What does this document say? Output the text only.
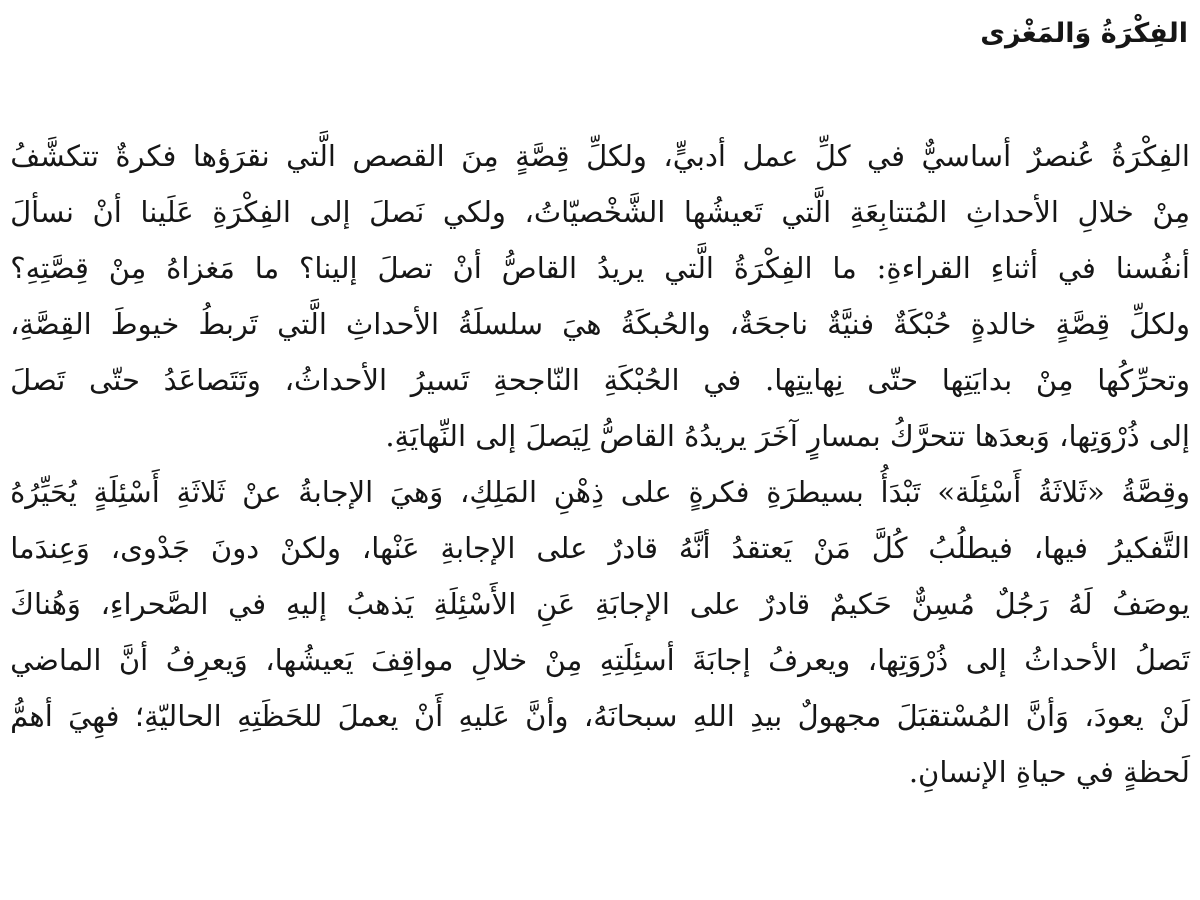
الفِكْرَةُ وَالمَغْزى
الفِكْرَةُ
عُنصرٌ
أساسيٌّ
في
كلِّ
عمل
أدبيٍّ،
ولكلِّ
قِصَّةٍ
مِنَ
القصص
الَّتي
نقرَؤها
فكرةٌ
تتكشَّفُ
مِنْ
خلالِ
الأحداثِ
المُتتابِعَةِ
الَّتي
تَعيشُها
الشَّخْصيّاتُ،
ولكي
نَصلَ
إلى
الفِكْرَةِ
عَلَينا
أنْ
نسألَ
أنفُسنا
في
أثناءِ
القراءةِ:
ما
الفِكْرَةُ
الَّتي
يريدُ
القاصُّ
أنْ
تصلَ
إلينا؟
ما
مَغزاهُ
مِنْ
قِصَّتِهِ؟
ولكلِّ
قِصَّةٍ
خالدةٍ
حُبْكَةٌ
فنيَّةٌ
ناجحَةٌ،
والحُبكَةُ
هيَ
سلسلَةُ
الأحداثِ
الَّتي
تَربطُ
خيوطَ
القِصَّةِ،
وتحرِّكُها
مِنْ
بدايَتِها
حتّى
نِهايتِها.
في
الحُبْكَةِ
النّاجحةِ
تَسيرُ
الأحداثُ،
وتَتَصاعَدُ
حتّى
تَصلَ
إلى ذُرْوَتِها، وَبعدَها تتحرَّكُ بمسارٍ آخَرَ يريدُهُ القاصُّ لِيَصلَ إلى النِّهايَةِ.
وقِصَّةُ
«ثَلاثَةُ
أَسْئِلَة»
تَبْدَأُ
بسيطرَةِ
فكرةٍ
على
ذِهْنِ
المَلِكِ،
وَهيَ
الإجابةُ
عنْ
ثَلاثَةِ
أَسْئِلَةٍ
يُحَيِّرُهُ
التَّفكيرُ
فيها،
فيطلُبُ
كُلَّ
مَنْ
يَعتقدُ
أنَّهُ
قادرٌ
على
الإجابةِ
عَنْها،
ولكنْ
دونَ
جَدْوى،
وَعِندَما
يوصَفُ
لَهُ
رَجُلٌ
مُسِنٌّ
حَكيمٌ
قادرٌ
على
الإجابَةِ
عَنِ
الأَسْئِلَةِ
يَذهبُ
إليهِ
في
الصَّحراءِ،
وَهُناكَ
تَصلُ
الأحداثُ
إلى
ذُرْوَتِها،
ويعرفُ
إجابَةَ
أسئِلَتِهِ
مِنْ
خلالِ
مواقِفَ
يَعيشُها،
وَيعرِفُ
أنَّ
الماضي
لَنْ
يعودَ،
وَأنَّ
المُسْتقبَلَ
مجهولٌ
بيدِ
اللهِ
سبحانَهُ،
وأنَّ
عَليهِ
أَنْ
يعملَ
للحَظَتِهِ
الحاليّةِ؛
فهِيَ
أهمُّ
لَحظةٍ في حياةِ الإنسانِ.
